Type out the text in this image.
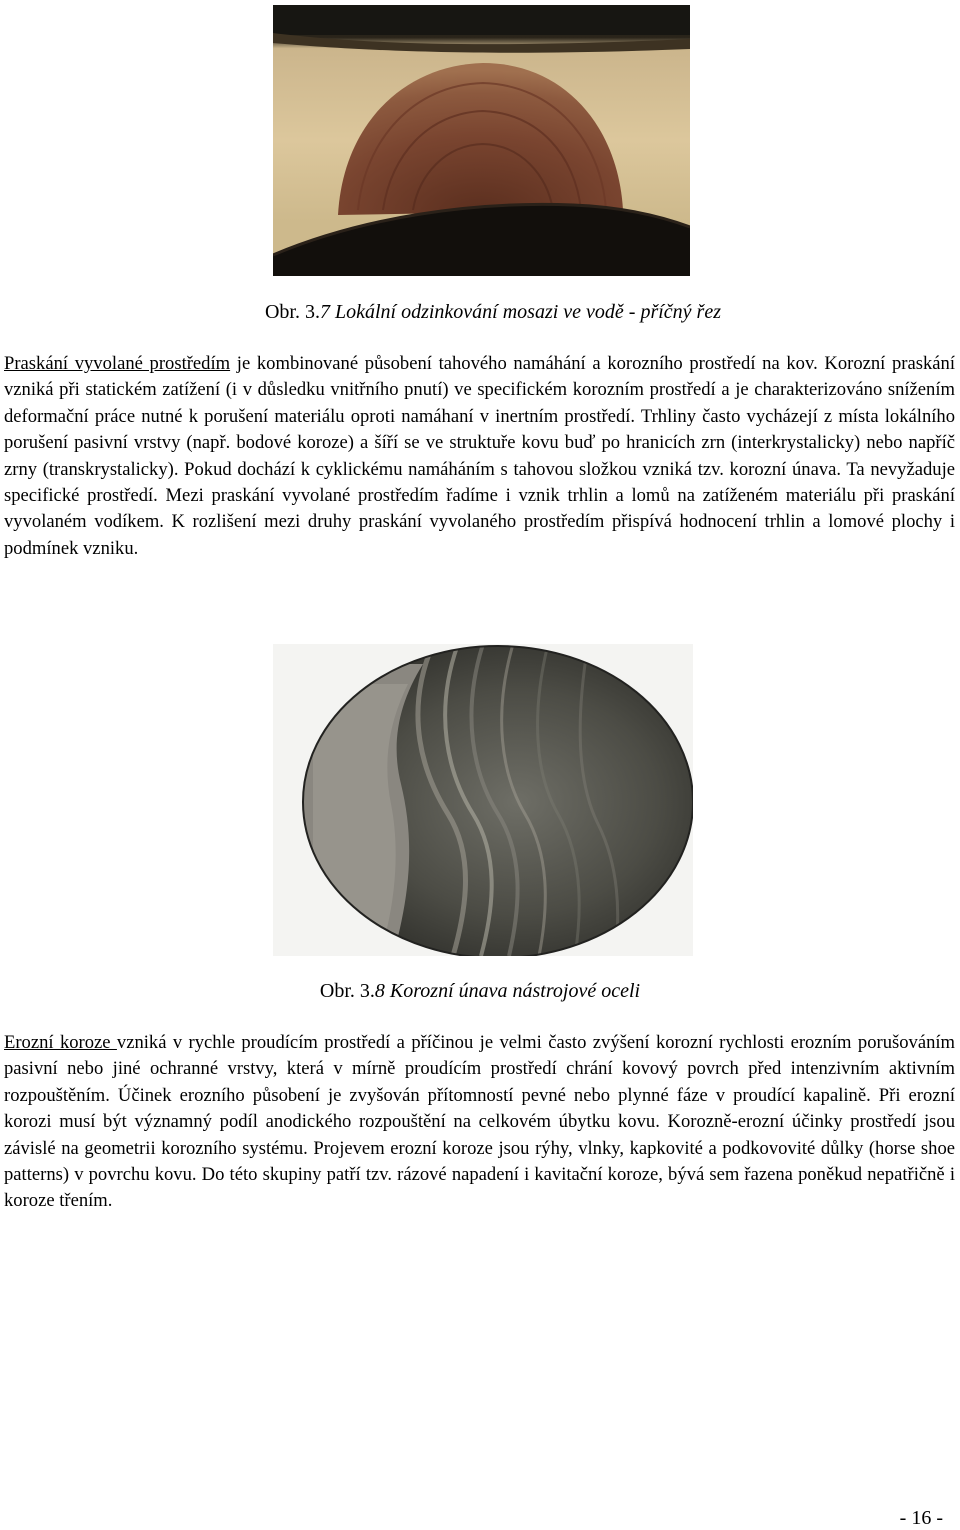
Obr. 3.7 Lokální odzinkování mosazi ve vodě - příčný řez

Praskání vyvolané prostředím je kombinované působení tahového namáhání a korozního prostředí na kov. Korozní praskání vzniká při statickém zatížení (i v důsledku vnitřního pnutí) ve specifickém korozním prostředí a je charakterizováno snížením deformační práce nutné k porušení materiálu oproti namáhaní v inertním prostředí. Trhliny často vycházejí z místa lokálního porušení pasivní vrstvy (např. bodové koroze) a šíří se ve struktuře kovu buď po hranicích zrn (interkrystalicky) nebo napříč zrny (transkrystalicky). Pokud dochází k cyklickému namáháním s tahovou složkou vzniká tzv. korozní únava. Ta nevyžaduje specifické prostředí. Mezi praskání vyvolané prostředím řadíme i vznik trhlin a lomů na zatíženém materiálu při praskání vyvolaném vodíkem. K rozlišení mezi druhy praskání vyvolaného prostředím přispívá hodnocení trhlin a lomové plochy i podmínek vzniku.

Obr. 3.8 Korozní únava nástrojové oceli

Erozní koroze vzniká v rychle proudícím prostředí a příčinou je velmi často zvýšení korozní rychlosti erozním porušováním pasivní nebo jiné ochranné vrstvy, která v mírně proudícím prostředí chrání kovový povrch před intenzivním aktivním rozpouštěním. Účinek erozního působení je zvyšován přítomností pevné nebo plynné fáze v proudící kapalině. Při erozní korozi musí být významný podíl anodického rozpouštění na celkovém úbytku kovu. Korozně-erozní účinky prostředí jsou závislé na geometrii korozního systému. Projevem erozní koroze jsou rýhy, vlnky, kapkovité a podkovovité důlky (horse shoe patterns) v povrchu kovu. Do této skupiny patří tzv. rázové napadení i kavitační koroze, bývá sem řazena poněkud nepatřičně i koroze třením.

- 16 -
